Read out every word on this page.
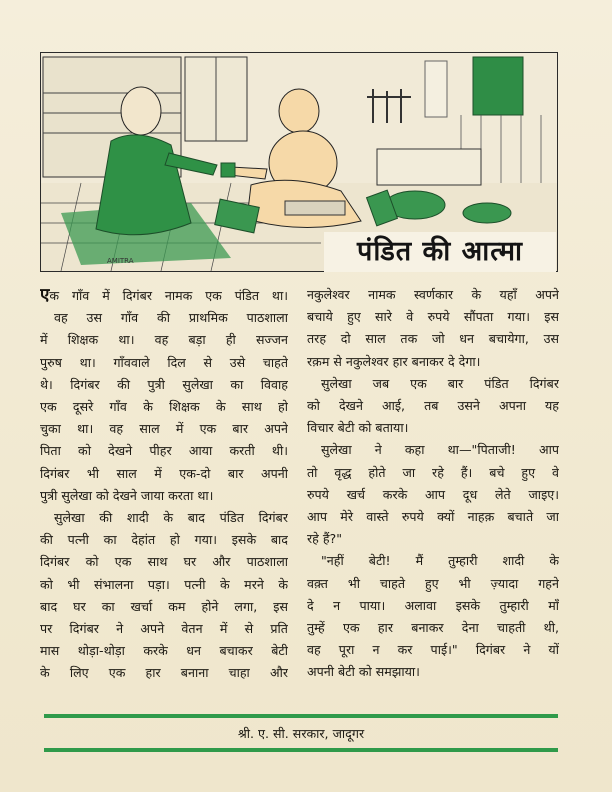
AMITRA	पंडित की आत्मा
एक गाँव में दिगंबर नामक एक पंडित था।
वह उस गाँव की प्राथमिक पाठशाला
में शिक्षक था। वह बड़ा ही सज्जन
पुरुष था। गाँववाले दिल से उसे चाहते
थे। दिगंबर की पुत्री सुलेखा का विवाह
एक दूसरे गाँव के शिक्षक के साथ हो
चुका था। वह साल में एक बार अपने
पिता को देखने पीहर आया करती थी।
दिगंबर भी साल में एक-दो बार अपनी
पुत्री सुलेखा को देखने जाया करता था।
सुलेखा की शादी के बाद पंडित दिगंबर
की पत्नी का देहांत हो गया। इसके बाद
दिगंबर को एक साथ घर और पाठशाला
को भी संभालना पड़ा। पत्नी के मरने के
बाद घर का खर्चा कम होने लगा, इस
पर दिगंबर ने अपने वेतन में से प्रति
मास थोड़ा-थोड़ा करके धन बचाकर बेटी
के लिए एक हार बनाना चाहा और
नकुलेश्वर नामक स्वर्णकार के यहाँ अपने
बचाये हुए सारे वे रुपये सौंपता गया। इस
तरह दो साल तक जो धन बचायेगा, उस
रक़म से नकुलेश्वर हार बनाकर दे देगा।
सुलेखा जब एक बार पंडित दिगंबर
को देखने आई, तब उसने अपना यह
विचार बेटी को बताया।
सुलेखा ने कहा था—"पिताजी! आप
तो वृद्ध होते जा रहे हैं। बचे हुए वे
रुपये खर्च करके आप दूध लेते जाइए।
आप मेरे वास्ते रुपये क्यों नाहक़ बचाते जा
रहे हैं?"
"नहीं बेटी! मैं तुम्हारी शादी के
वक़्त भी चाहते हुए भी ज़्यादा गहने
दे न पाया। अलावा इसके तुम्हारी माँ
तुम्हें एक हार बनाकर देना चाहती थी,
वह पूरा न कर पाई।" दिगंबर ने यों
अपनी बेटी को समझाया।
श्री. ए. सी. सरकार, जादूगर
